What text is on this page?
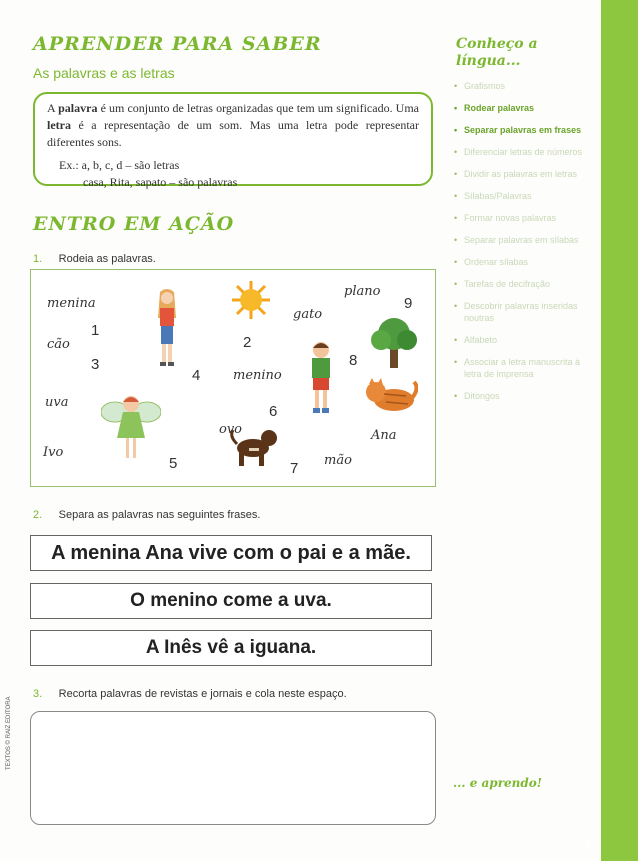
APRENDER PARA SABER
As palavras e as letras

A palavra é um conjunto de letras organizadas que tem um significado. Uma letra é a representação de um som. Mas uma letra pode representar diferentes sons.

Ex.: a, b, c, d – são letras

casa, Rita, sapato – são palavras

ENTRO EM AÇÃO
1. Rodeia as palavras.
menina
cão
uva
Ivo
plano
gato
menino
ovo	Ana
mão
1
3
2
4
9
8
6
5	7
2. Separa as palavras nas seguintes frases.
A menina Ana vive com o pai e a mãe.
O menino come a uva.
A Inês vê a iguana.
3. Recorta palavras de revistas e jornais e cola neste espaço.
Conheço a
língua...
• Grafismos
• Rodear palavras
• Separar palavras em frases
• Diferenciar letras de números
• Dividir as palavras em letras
• Sílabas/Palavras
• Formar novas palavras
• Separar palavras em sílabas
• Ordenar sílabas
• Tarefas de decifração
• Descobrir palavras inseridas noutras
• Alfabeto
• Associar a letra manuscrita à letra de imprensa
• Ditongos
... e aprendo!
5
TEXTOS © RAIZ EDITORA
